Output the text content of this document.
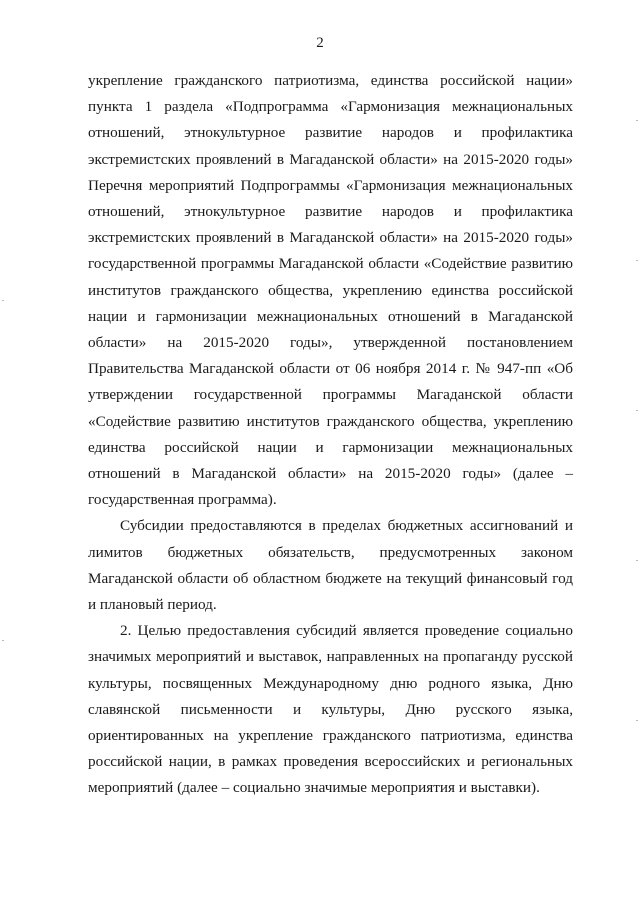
2

укрепление гражданского патриотизма, единства российской нации» пункта 1 раздела «Подпрограмма «Гармонизация межнациональных отношений, этнокультурное развитие народов и профилактика экстремистских проявлений в Магаданской области» на 2015-2020 годы» Перечня мероприятий Подпрограммы «Гармонизация межнациональных отношений, этнокультурное развитие народов и профилактика экстремистских проявлений в Магаданской области» на 2015-2020 годы» государственной программы Магаданской области «Содействие развитию институтов гражданского общества, укреплению единства российской нации и гармонизации межнациональных отношений в Магаданской области» на 2015-2020 годы», утвержденной постановлением Правительства Магаданской области от 06 ноября 2014 г. № 947-пп «Об утверждении государственной программы Магаданской области «Содействие развитию институтов гражданского общества, укреплению единства российской нации и гармонизации межнациональных отношений в Магаданской области» на 2015-2020 годы» (далее – государственная программа).

Субсидии предоставляются в пределах бюджетных ассигнований и лимитов бюджетных обязательств, предусмотренных законом Магаданской области об областном бюджете на текущий финансовый год и плановый период.

2. Целью предоставления субсидий является проведение социально значимых мероприятий и выставок, направленных на пропаганду русской культуры, посвященных Международному дню родного языка, Дню славянской письменности и культуры, Дню русского языка, ориентированных на укрепление гражданского патриотизма, единства российской нации, в рамках проведения всероссийских и региональных мероприятий (далее – социально значимые мероприятия и выставки).
